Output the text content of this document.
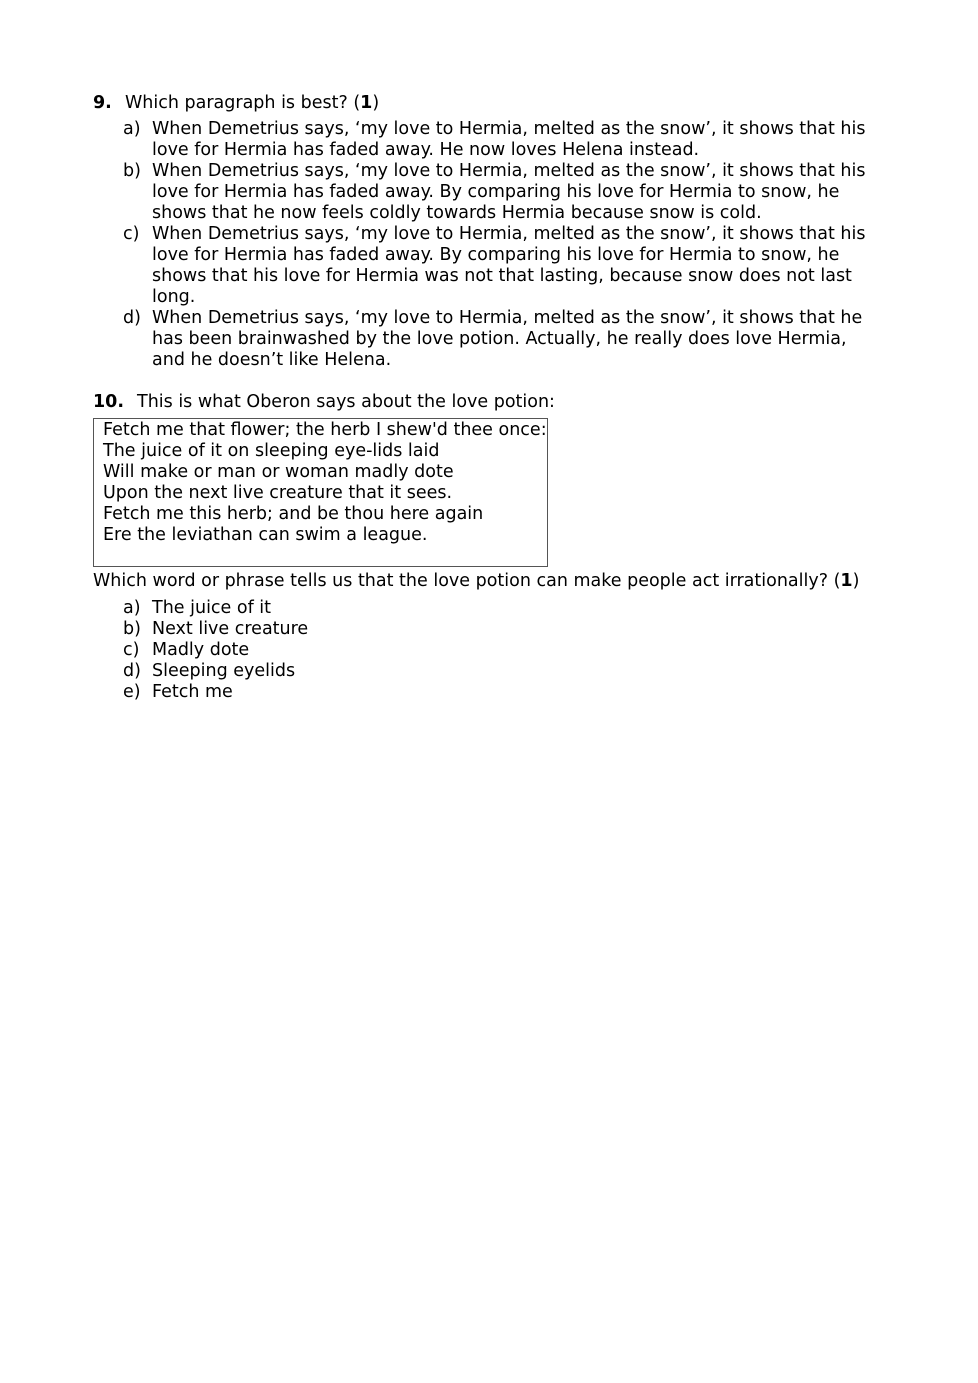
9. Which paragraph is best? (1)

a) When Demetrius says, ‘my love to Hermia, melted as the snow’, it shows that his love for Hermia has faded away. He now loves Helena instead.
b) When Demetrius says, ‘my love to Hermia, melted as the snow’, it shows that his love for Hermia has faded away. By comparing his love for Hermia to snow, he shows that he now feels coldly towards Hermia because snow is cold.
c) When Demetrius says, ‘my love to Hermia, melted as the snow’, it shows that his love for Hermia has faded away. By comparing his love for Hermia to snow, he shows that his love for Hermia was not that lasting, because snow does not last long.
d) When Demetrius says, ‘my love to Hermia, melted as the snow’, it shows that he has been brainwashed by the love potion. Actually, he really does love Hermia, and he doesn’t like Helena.

10. This is what Oberon says about the love potion:

Fetch me that flower; the herb I shew'd thee once:
The juice of it on sleeping eye-lids laid
Will make or man or woman madly dote
Upon the next live creature that it sees.
Fetch me this herb; and be thou here again
Ere the leviathan can swim a league.

Which word or phrase tells us that the love potion can make people act irrationally? (1)

a) The juice of it
b) Next live creature
c) Madly dote
d) Sleeping eyelids
e) Fetch me
